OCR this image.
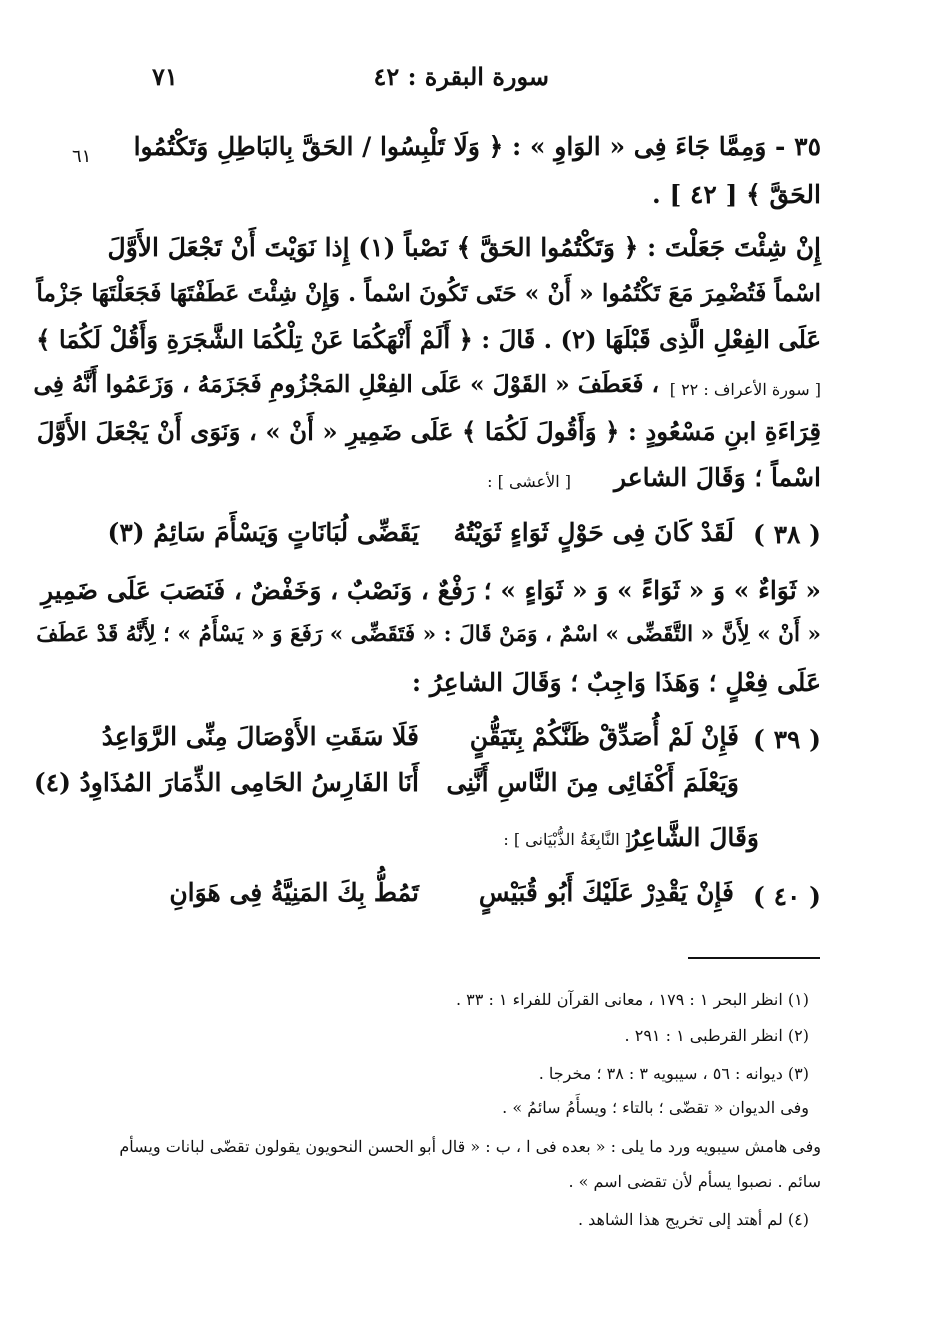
٧١	سورة البقرة : ٤٢
٦١ ٣٥ - وَمِمَّا جَاءَ فِى « الوَاوِ » : ﴿ وَلَا تَلْبِسُوا / الحَقَّ بِالبَاطِلِ وَتَكْتُمُوا
الحَقَّ ﴾ [ ٤٢ ] .
إِنْ شِئْتَ جَعَلْتَ : ﴿ وَتَكْتُمُوا الحَقَّ ﴾ نَصْباً (١) إِذا نَوَيْتَ أَنْ تَجْعَلَ الأَوَّلَ
اسْماً فَتُضْمِرَ مَعَ تَكْتُمُوا « أَنْ » حَتَى تَكُونَ اسْماً . وَإِنْ شِئْتَ عَطَفْتَهَا فَجَعَلْتَهَا جَزْماً
عَلَى الفِعْلِ الَّذِى قَبْلَهَا (٢) . قَالَ : ﴿ أَلَمْ أَنْهَكُمَا عَنْ تِلْكُمَا الشَّجَرَةِ وَأَقُلْ لَكُمَا ﴾
[ سورة الأعراف : ٢٢ ]
، فَعَطَفَ « القَوْلَ » عَلَى الفِعْلِ المَجْزُومِ فَجَزَمَهُ ، وَزَعَمُوا أَنَّهُ فِى
قِرَاءَةِ ابنِ مَسْعُودٍ : ﴿ وَأَقُولَ لَكُمَا ﴾ عَلَى ضَمِيرِ « أَنْ » ، وَنَوَى أَنْ يَجْعَلَ الأَوَّلَ
اسْماً ؛ وَقَالَ الشاعر
[ الأعشى ] :
( ٣٨ )
لَقَدْ كَانَ فِى حَوْلٍ ثَوَاءٍ ثَوَيْتُهُ
يَقَضِّى لُبَانَاتٍ وَيَسْأَمَ سَائِمُ (٣)
« ثَوَاءٌ » وَ « ثَوَاءً » وَ « ثَوَاءٍ » ؛ رَفْعٌ ، وَنَصْبٌ ، وَخَفْضٌ ، فَنَصَبَ عَلَى ضَمِيرِ
« أَنْ » لِأَنَّ « التَّقَضِّى » اسْمٌ ، وَمَنْ قَالَ : « فَتَقَضِّى » رَفَعَ وَ « يَسْأَمُ » ؛ لِأَنَّهُ قَدْ عَطَفَ
عَلَى فِعْلٍ ؛ وَهَذَا وَاجِبٌ ؛ وَقَالَ الشاعِرُ :
( ٣٩ )
فَإِنْ لَمْ أُصَدِّقْ ظَنَّكُمْ بِتَيَقُّنٍ
فَلَا سَقَتِ الأَوْصَالَ مِنِّى الرَّوَاعِدُ
وَيَعْلَمَ أَكْفَائِى مِنَ النَّاسِ أَنَّنِى
أَنَا الفَارِسُ الحَامِى الذِّمَارَ المُذَاوِدُ (٤)
وَقَالَ الشَّاعِرُ
[ النَّابِغَةُ الذُّبْيَانى ] :
( ٤٠ )
فَإِنْ يَقْدِرْ عَلَيْكَ أَبُو قُبَيْسٍ
تَمُطُّ بِكَ المَنِيَّةُ فِى هَوَانِ
(١) انظر البحر ١ : ١٧٩ ، معانى القرآن للفراء ١ : ٣٣ .
(٢) انظر القرطبى ١ : ٢٩١ .
(٣) ديوانه : ٥٦ ، سيبويه ٣ : ٣٨ ؛ مخرجا .
وفى الديوان « تقضّى ؛ بالتاء ؛ ويسأَمُ سائمُ » .
وفى هامش سيبويه ورد ما يلى : « بعده فى ا ، ب : « قال أبو الحسن النحويون يقولون تقضّى لبانات ويسأم
سائم . نصبوا يسأم لأن تقضى اسم » .
(٤) لم أهتد إلى تخريج هذا الشاهد .
